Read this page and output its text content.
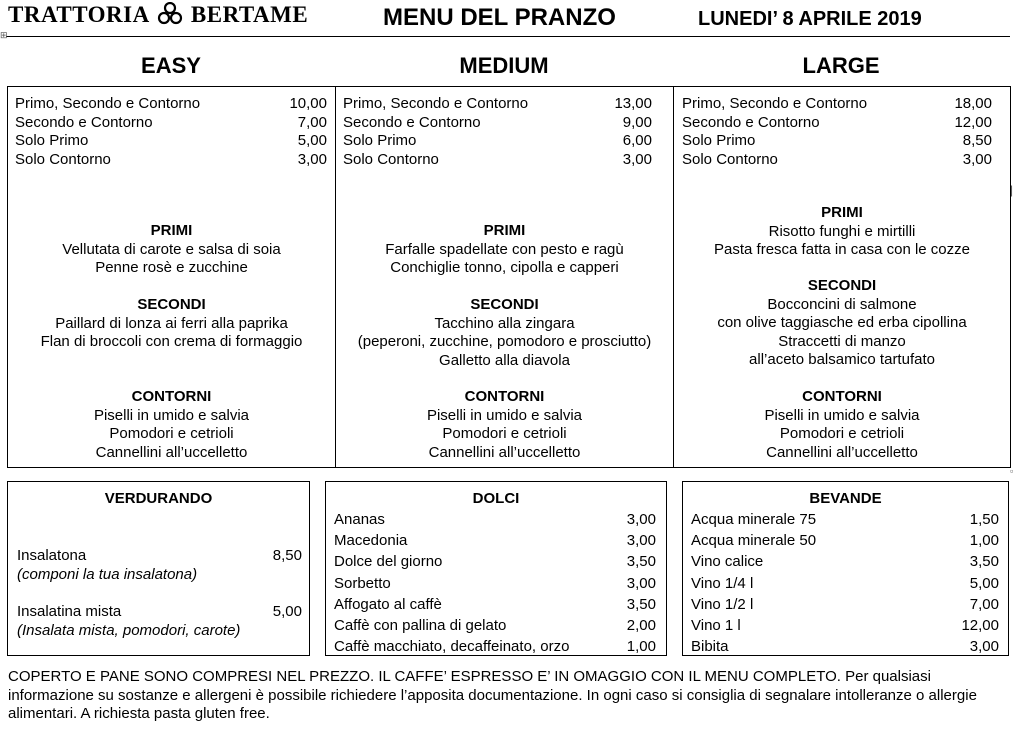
TRATTORIA BERTAME	MENU DEL PRANZO	LUNEDI’ 8 APRILE 2019
⊞
EASY	MEDIUM	LARGE
Primo, Secondo e Contorno	10,00
Secondo e Contorno	7,00
Solo Primo	5,00
Solo Contorno	3,00
PRIMI
Vellutata di carote e salsa di soia
Penne rosè e zucchine
SECONDI
Paillard di lonza ai ferri alla paprika
Flan di broccoli con crema di formaggio
CONTORNI
Piselli in umido e salvia
Pomodori e cetrioli
Cannellini all’uccelletto
Primo, Secondo e Contorno	13,00
Secondo e Contorno	9,00
Solo Primo	6,00
Solo Contorno	3,00
PRIMI
Farfalle spadellate con pesto e ragù
Conchiglie tonno, cipolla e capperi
SECONDI
Tacchino alla zingara
(peperoni, zucchine, pomodoro e prosciutto)
Galletto alla diavola
CONTORNI
Piselli in umido e salvia
Pomodori e cetrioli
Cannellini all’uccelletto
Primo, Secondo e Contorno	18,00
Secondo e Contorno	12,00
Solo Primo	8,50
Solo Contorno	3,00
PRIMI
Risotto funghi e mirtilli
Pasta fresca fatta in casa con le cozze
SECONDI
Bocconcini di salmone
con olive taggiasche ed erba cipollina
Straccetti di manzo
all’aceto balsamico tartufato
CONTORNI
Piselli in umido e salvia
Pomodori e cetrioli
Cannellini all’uccelletto
|
▫
VERDURANDO
Insalatona	8,50
(componi la tua insalatona)
Insalatina mista	5,00
(Insalata mista, pomodori, carote)
DOLCI
Ananas	3,00
Macedonia	3,00
Dolce del giorno	3,50
Sorbetto	3,00
Affogato al caffè	3,50
Caffè con pallina di gelato	2,00
Caffè macchiato, decaffeinato, orzo	1,00
BEVANDE
Acqua minerale 75	1,50
Acqua minerale 50	1,00
Vino calice	3,50
Vino 1/4 l	5,00
Vino 1/2 l	7,00
Vino 1 l	12,00
Bibita	3,00
COPERTO E PANE SONO COMPRESI NEL PREZZO. IL CAFFE’ ESPRESSO E’ IN OMAGGIO CON IL MENU COMPLETO. Per qualsiasi informazione su sostanze e allergeni è possibile richiedere l’apposita documentazione. In ogni caso si consiglia di segnalare intolleranze o allergie alimentari. A richiesta pasta gluten free.
